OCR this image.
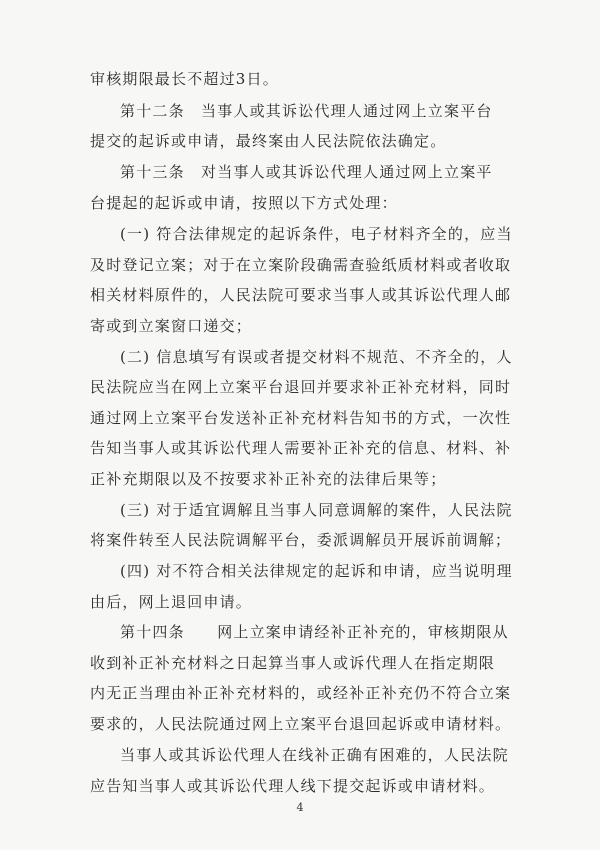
审核期限最长不超过3日。
第十二条　当事人或其诉讼代理人通过网上立案平台
提交的起诉或申请，最终案由人民法院依法确定。
第十三条　对当事人或其诉讼代理人通过网上立案平
台提起的起诉或申请，按照以下方式处理：
(一) 符合法律规定的起诉条件，电子材料齐全的，应当
及时登记立案；对于在立案阶段确需查验纸质材料或者收取
相关材料原件的，人民法院可要求当事人或其诉讼代理人邮
寄或到立案窗口递交；
(二) 信息填写有误或者提交材料不规范、不齐全的，人
民法院应当在网上立案平台退回并要求补正补充材料，同时
通过网上立案平台发送补正补充材料告知书的方式，一次性
告知当事人或其诉讼代理人需要补正补充的信息、材料、补
正补充期限以及不按要求补正补充的法律后果等；
(三) 对于适宜调解且当事人同意调解的案件，人民法院
将案件转至人民法院调解平台，委派调解员开展诉前调解；
(四) 对不符合相关法律规定的起诉和申请，应当说明理
由后，网上退回申请。
第十四条　　网上立案申请经补正补充的，审核期限从
收到补正补充材料之日起算当事人或诉代理人在指定期限
内无正当理由补正补充材料的，或经补正补充仍不符合立案
要求的，人民法院通过网上立案平台退回起诉或申请材料。
当事人或其诉讼代理人在线补正确有困难的，人民法院
应告知当事人或其诉讼代理人线下提交起诉或申请材料。
4
